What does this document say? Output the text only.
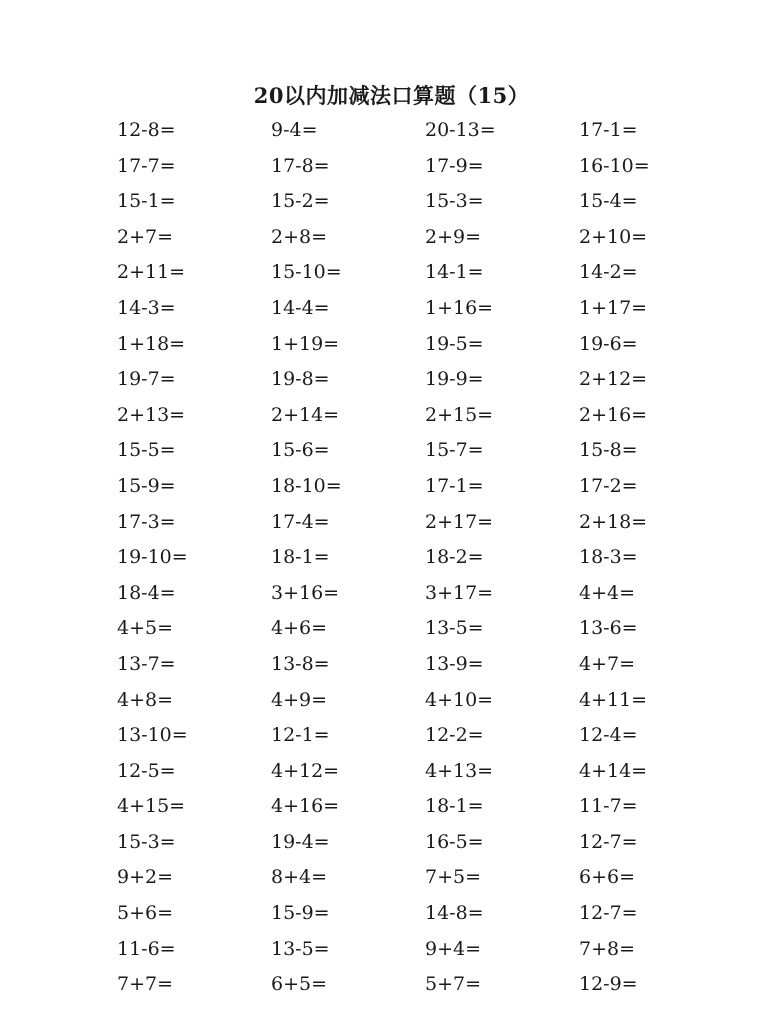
20以内加减法口算题（15）
12-8=	9-4=	20-13=	17-1=
17-7=	17-8=	17-9=	16-10=
15-1=	15-2=	15-3=	15-4=
2+7=	2+8=	2+9=	2+10=
2+11=	15-10=	14-1=	14-2=
14-3=	14-4=	1+16=	1+17=
1+18=	1+19=	19-5=	19-6=
19-7=	19-8=	19-9=	2+12=
2+13=	2+14=	2+15=	2+16=
15-5=	15-6=	15-7=	15-8=
15-9=	18-10=	17-1=	17-2=
17-3=	17-4=	2+17=	2+18=
19-10=	18-1=	18-2=	18-3=
18-4=	3+16=	3+17=	4+4=
4+5=	4+6=	13-5=	13-6=
13-7=	13-8=	13-9=	4+7=
4+8=	4+9=	4+10=	4+11=
13-10=	12-1=	12-2=	12-4=
12-5=	4+12=	4+13=	4+14=
4+15=	4+16=	18-1=	11-7=
15-3=	19-4=	16-5=	12-7=
9+2=	8+4=	7+5=	6+6=
5+6=	15-9=	14-8=	12-7=
11-6=	13-5=	9+4=	7+8=
7+7=	6+5=	5+7=	12-9=
